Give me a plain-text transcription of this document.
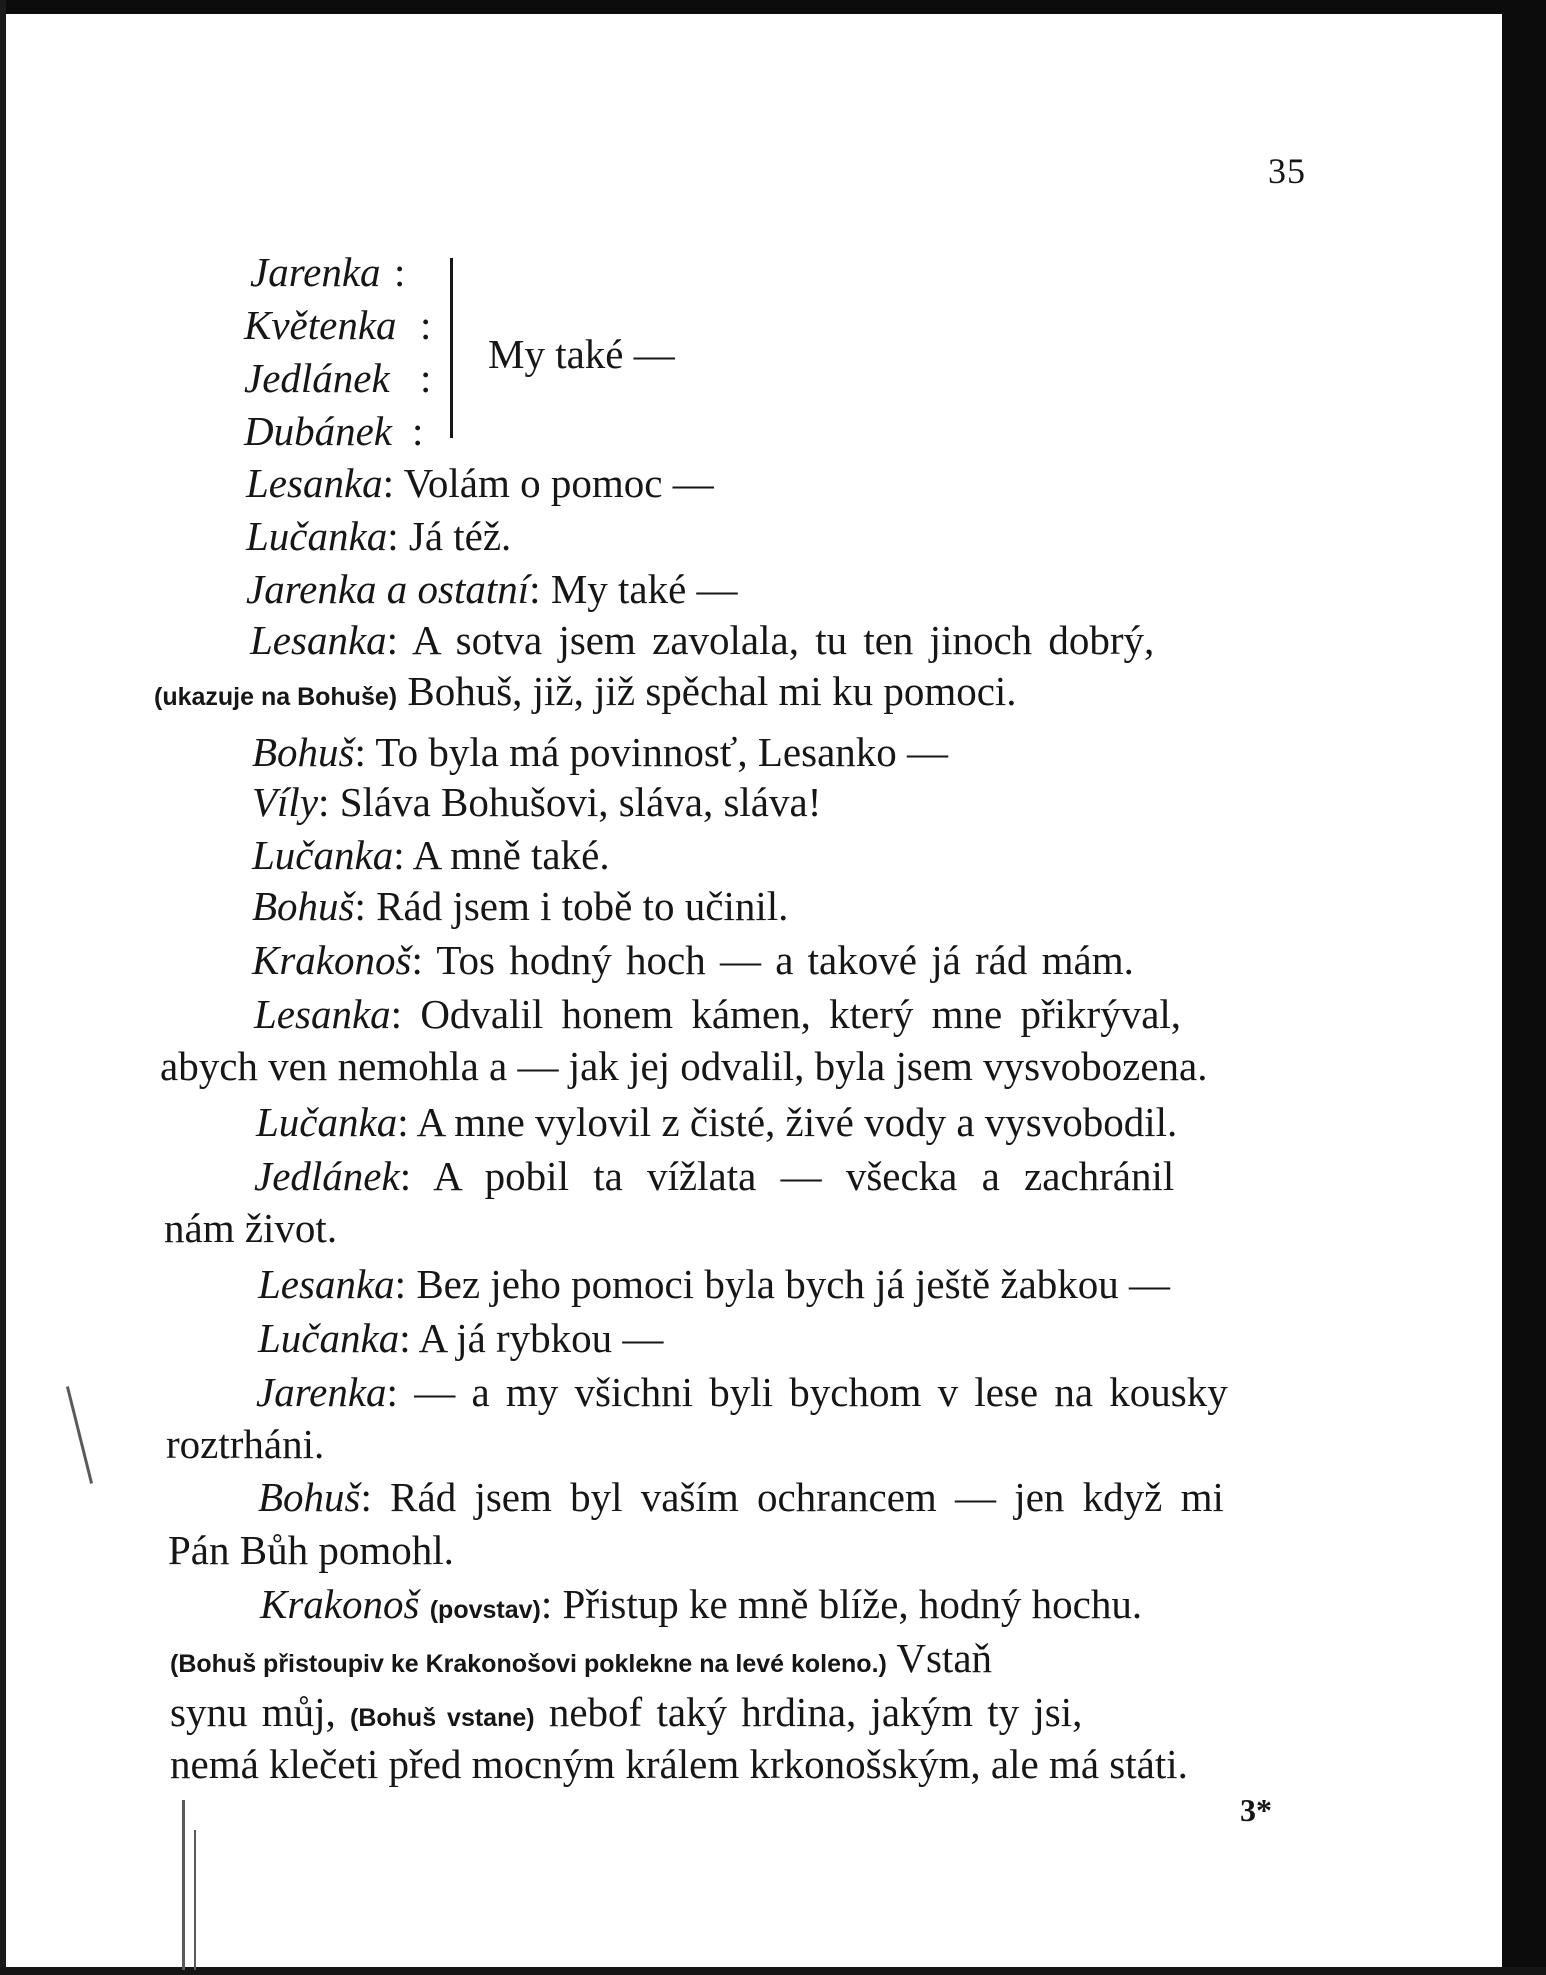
35
Jarenka :
Květenka :
Jedlánek :
Dubánek :
My také —
Lesanka: Volám o pomoc —
Lučanka: Já též.
Jarenka a ostatní: My také —
Lesanka: A sotva jsem zavolala, tu ten jinoch dobrý,
(ukazuje na Bohuše) Bohuš, již, již spěchal mi ku pomoci.
Bohuš: To byla má povinnosť, Lesanko —
Víly: Sláva Bohušovi, sláva, sláva!
Lučanka: A mně také.
Bohuš: Rád jsem i tobě to učinil.
Krakonoš: Tos hodný hoch — a takové já rád mám.
Lesanka: Odvalil honem kámen, který mne přikrýval,
abych ven nemohla a — jak jej odvalil, byla jsem vysvobozena.
Lučanka: A mne vylovil z čisté, živé vody a vysvobodil.
Jedlánek: A pobil ta vížlata — všecka a zachránil
nám život.
Lesanka: Bez jeho pomoci byla bych já ještě žabkou —
Lučanka: A já rybkou —
Jarenka: — a my všichni byli bychom v lese na kousky
roztrháni.
Bohuš: Rád jsem byl vaším ochrancem — jen když mi
Pán Bůh pomohl.
Krakonoš (povstav): Přistup ke mně blíže, hodný hochu.
(Bohuš přistoupiv ke Krakonošovi poklekne na levé koleno.) Vstaň
synu můj, (Bohuš vstane) nebof taký hrdina, jakým ty jsi,
nemá klečeti před mocným králem krkonošským, ale má státi.
3*
